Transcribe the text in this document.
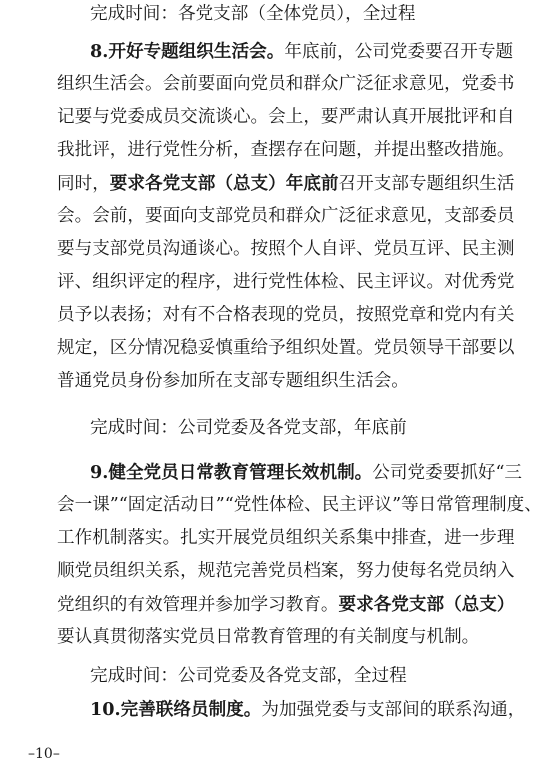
完成时间：各党支部（全体党员），全过程
8.开好专题组织生活会。年底前，公司党委要召开专题
组织生活会。会前要面向党员和群众广泛征求意见，党委书
记要与党委成员交流谈心。会上，要严肃认真开展批评和自
我批评，进行党性分析，查摆存在问题，并提出整改措施。
同时，要求各党支部（总支）年底前召开支部专题组织生活
会。会前，要面向支部党员和群众广泛征求意见，支部委员
要与支部党员沟通谈心。按照个人自评、党员互评、民主测
评、组织评定的程序，进行党性体检、民主评议。对优秀党
员予以表扬；对有不合格表现的党员，按照党章和党内有关
规定，区分情况稳妥慎重给予组织处置。党员领导干部要以
普通党员身份参加所在支部专题组织生活会。
完成时间：公司党委及各党支部，年底前
9.健全党员日常教育管理长效机制。公司党委要抓好“三
会一课”“固定活动日”“党性体检、民主评议”等日常管理制度、
工作机制落实。扎实开展党员组织关系集中排查，进一步理
顺党员组织关系，规范完善党员档案，努力使每名党员纳入
党组织的有效管理并参加学习教育。要求各党支部（总支）
要认真贯彻落实党员日常教育管理的有关制度与机制。
完成时间：公司党委及各党支部，全过程
10.完善联络员制度。为加强党委与支部间的联系沟通，
–10–
